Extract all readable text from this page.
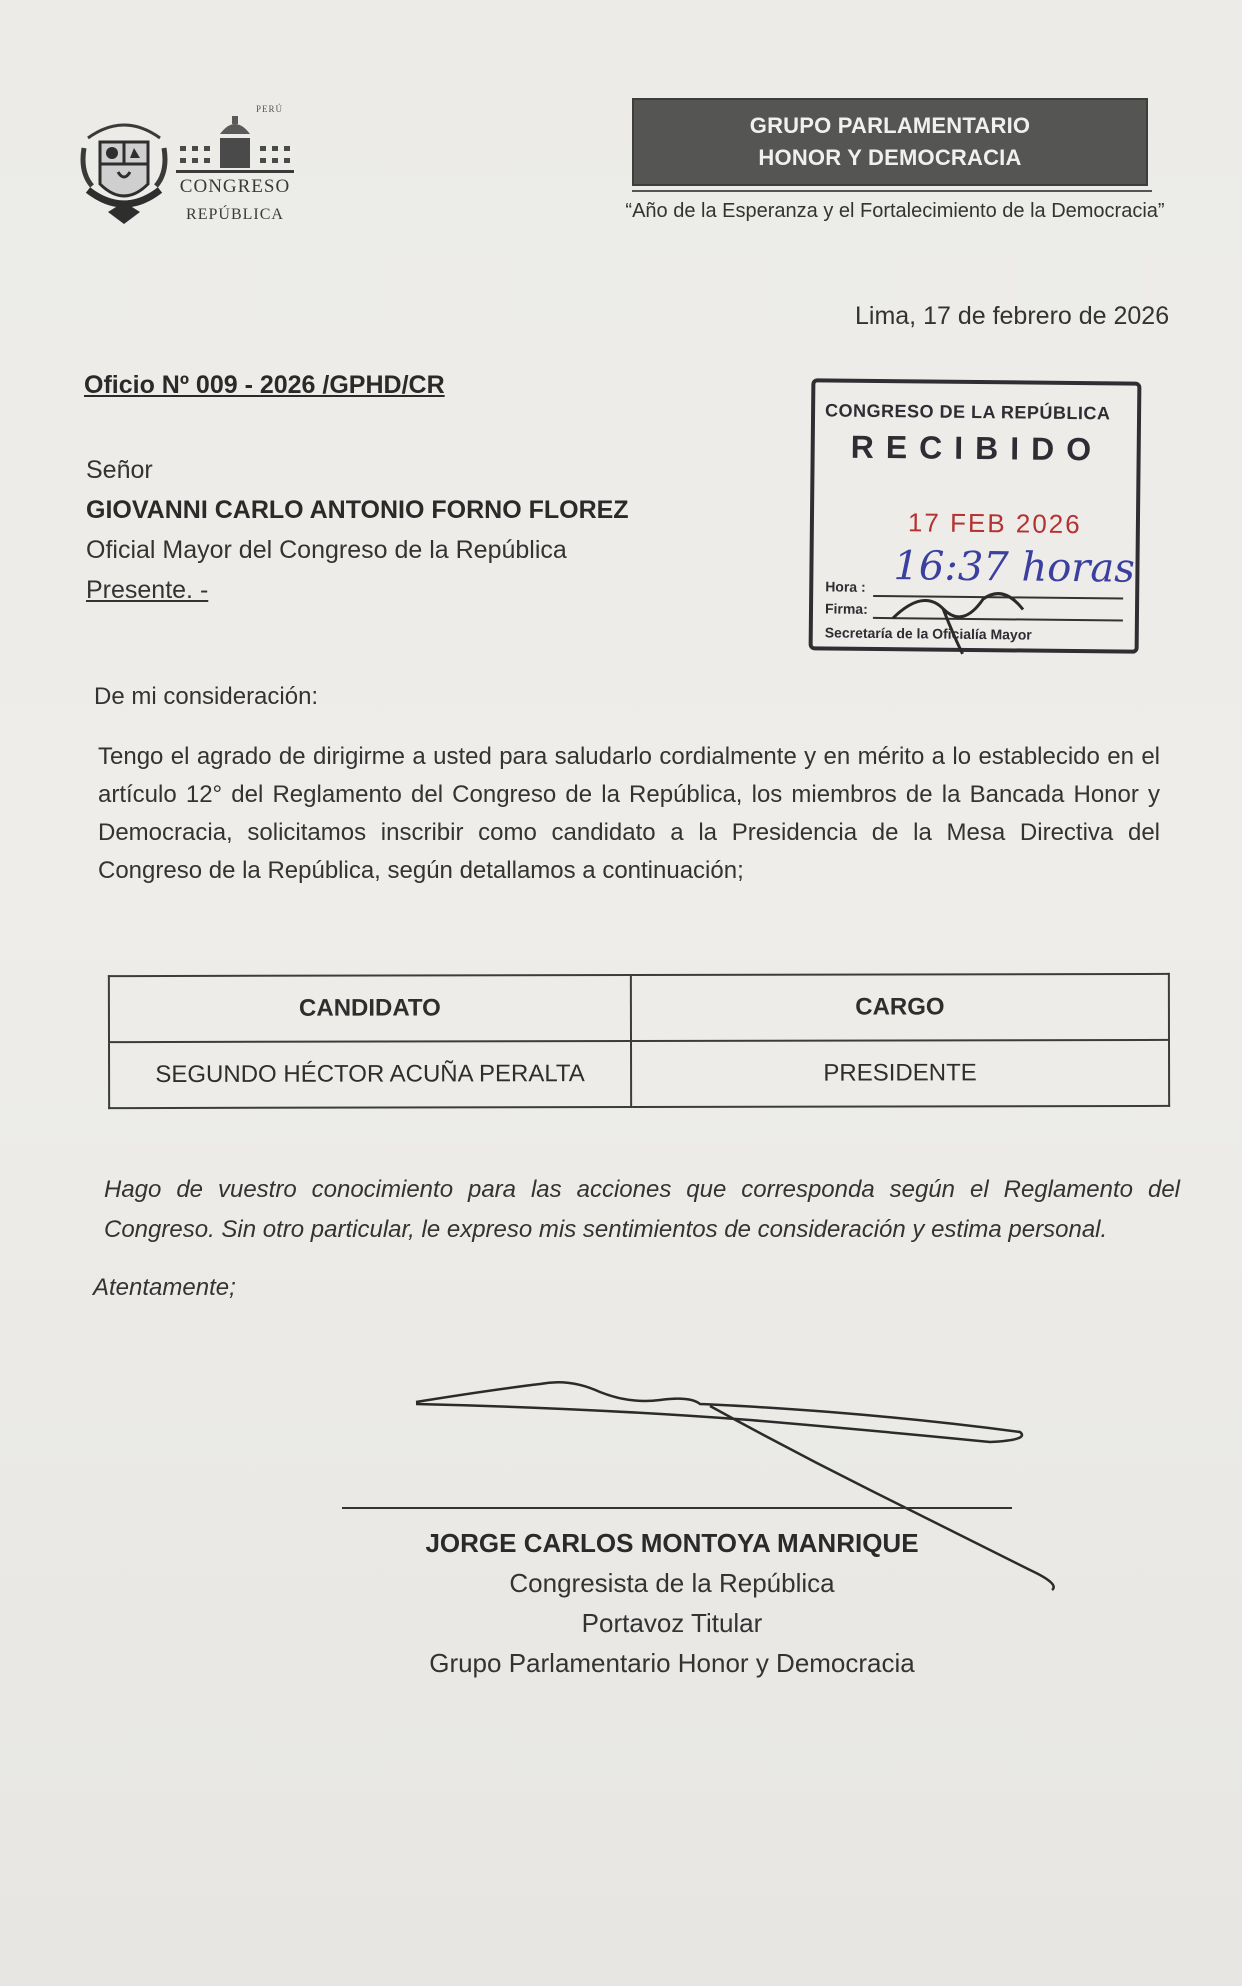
PERÚ
CONGRESO
REPÚBLICA
GRUPO PARLAMENTARIO
HONOR Y DEMOCRACIA
“Año de la Esperanza y el Fortalecimiento de la Democracia”
Lima, 17 de febrero de 2026
Oficio Nº 009 - 2026 /GPHD/CR
Señor
GIOVANNI CARLO ANTONIO FORNO FLOREZ
Oficial Mayor del Congreso de la República
Presente. -
CONGRESO DE LA REPÚBLICA
RECIBIDO
17 FEB 2026
16:37 horas
Hora :
Firma:
Secretaría de la Oficialía Mayor
De mi consideración:
Tengo el agrado de dirigirme a usted para saludarlo cordialmente y en mérito a lo establecido en el artículo 12° del Reglamento del Congreso de la República, los miembros de la Bancada Honor y Democracia, solicitamos inscribir como candidato a la Presidencia de la Mesa Directiva del Congreso de la República, según detallamos a continuación;
CANDIDATO	CARGO
SEGUNDO HÉCTOR ACUÑA PERALTA	PRESIDENTE
Hago de vuestro conocimiento para las acciones que corresponda según el Reglamento del Congreso. Sin otro particular, le expreso mis sentimientos de consideración y estima personal.
Atentamente;
JORGE CARLOS MONTOYA MANRIQUE
Congresista de la República
Portavoz Titular
Grupo Parlamentario Honor y Democracia
